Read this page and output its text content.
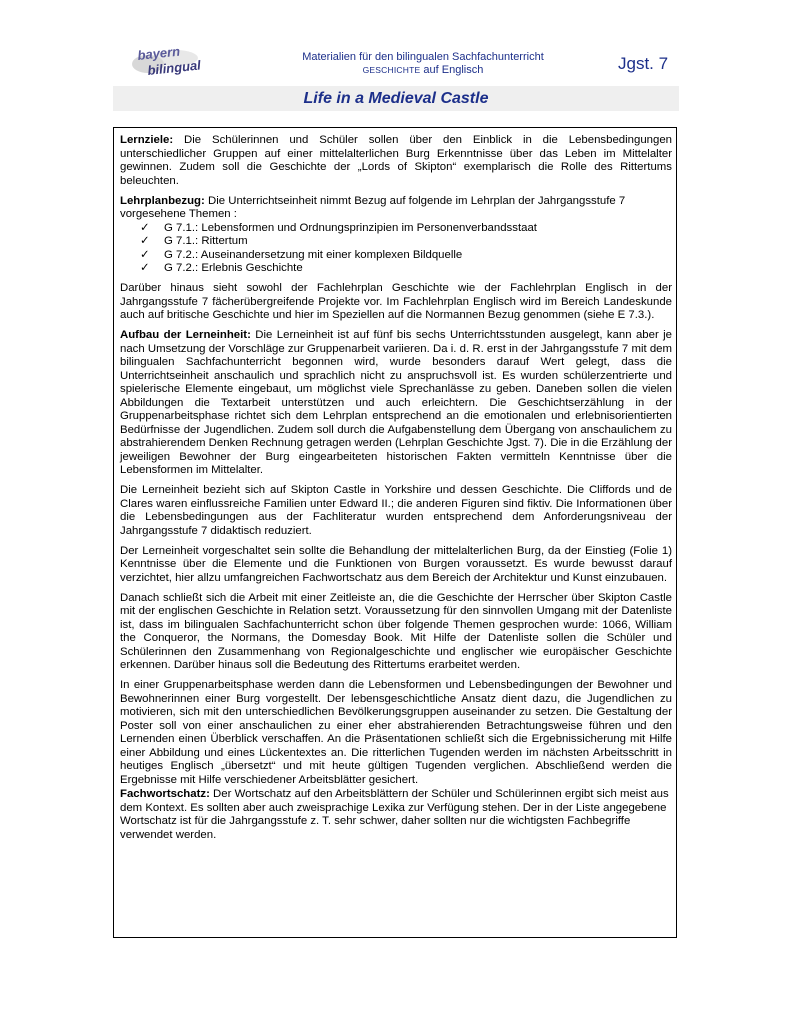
bayern
bilingual
Materialien für den bilingualen Sachfachunterricht
GESCHICHTE auf Englisch	Jgst. 7
Life in a Medieval Castle

Lernziele: Die Schülerinnen und Schüler sollen über den Einblick in die Lebensbedingungen unterschiedlicher Gruppen auf einer mittelalterlichen Burg Erkenntnisse über das Leben im Mittelalter gewinnen. Zudem soll die Geschichte der „Lords of Skipton“ exemplarisch die Rolle des Rittertums beleuchten.

Lehrplanbezug: Die Unterrichtseinheit nimmt Bezug auf folgende im Lehrplan der Jahrgangsstufe 7 vorgesehene Themen :

✓ G 7.1.: Lebensformen und Ordnungsprinzipien im Personenverbandsstaat
✓ G 7.1.: Rittertum
✓ G 7.2.: Auseinandersetzung mit einer komplexen Bildquelle
✓ G 7.2.: Erlebnis Geschichte

Darüber hinaus sieht sowohl der Fachlehrplan Geschichte wie der Fachlehrplan Englisch in der Jahrgangsstufe 7 fächerübergreifende Projekte vor. Im Fachlehrplan Englisch wird im Bereich Landeskunde auch auf britische Geschichte und hier im Speziellen auf die Normannen Bezug genommen (siehe E 7.3.).

Aufbau der Lerneinheit: Die Lerneinheit ist auf fünf bis sechs Unterrichtsstunden ausgelegt, kann aber je nach Umsetzung der Vorschläge zur Gruppenarbeit variieren. Da i. d. R. erst in der Jahrgangsstufe 7 mit dem bilingualen Sachfachunterricht begonnen wird, wurde besonders darauf Wert gelegt, dass die Unterrichtseinheit anschaulich und sprachlich nicht zu anspruchsvoll ist. Es wurden schülerzentrierte und spielerische Elemente eingebaut, um möglichst viele Sprechanlässe zu geben. Daneben sollen die vielen Abbildungen die Textarbeit unterstützen und auch erleichtern. Die Geschichtserzählung in der Gruppenarbeitsphase richtet sich dem Lehrplan entsprechend an die emotionalen und erlebnisorientierten Bedürfnisse der Jugendlichen. Zudem soll durch die Aufgabenstellung dem Übergang von anschaulichem zu abstrahierendem Denken Rechnung getragen werden (Lehrplan Geschichte Jgst. 7). Die in die Erzählung der jeweiligen Bewohner der Burg eingearbeiteten historischen Fakten vermitteln Kenntnisse über die Lebensformen im Mittelalter.

Die Lerneinheit bezieht sich auf Skipton Castle in Yorkshire und dessen Geschichte. Die Cliffords und de Clares waren einflussreiche Familien unter Edward II.; die anderen Figuren sind fiktiv. Die Informationen über die Lebensbedingungen aus der Fachliteratur wurden entsprechend dem Anforderungsniveau der Jahrgangsstufe 7 didaktisch reduziert.

Der Lerneinheit vorgeschaltet sein sollte die Behandlung der mittelalterlichen Burg, da der Einstieg (Folie 1) Kenntnisse über die Elemente und die Funktionen von Burgen voraussetzt. Es wurde bewusst darauf verzichtet, hier allzu umfangreichen Fachwortschatz aus dem Bereich der Architektur und Kunst einzubauen.

Danach schließt sich die Arbeit mit einer Zeitleiste an, die die Geschichte der Herrscher über Skipton Castle mit der englischen Geschichte in Relation setzt. Voraussetzung für den sinnvollen Umgang mit der Datenliste ist, dass im bilingualen Sachfachunterricht schon über folgende Themen gesprochen wurde: 1066, William the Conqueror, the Normans, the Domesday Book. Mit Hilfe der Datenliste sollen die Schüler und Schülerinnen den Zusammenhang von Regionalgeschichte und englischer wie europäischer Geschichte erkennen. Darüber hinaus soll die Bedeutung des Rittertums erarbeitet werden.

In einer Gruppenarbeitsphase werden dann die Lebensformen und Lebensbedingungen der Bewohner und Bewohnerinnen einer Burg vorgestellt. Der lebensgeschichtliche Ansatz dient dazu, die Jugendlichen zu motivieren, sich mit den unterschiedlichen Bevölkerungsgruppen auseinander zu setzen. Die Gestaltung der Poster soll von einer anschaulichen zu einer eher abstrahierenden Betrachtungsweise führen und den Lernenden einen Überblick verschaffen. An die Präsentationen schließt sich die Ergebnissicherung mit Hilfe einer Abbildung und eines Lückentextes an. Die ritterlichen Tugenden werden im nächsten Arbeitsschritt in heutiges Englisch „übersetzt“ und mit heute gültigen Tugenden verglichen. Abschließend werden die Ergebnisse mit Hilfe verschiedener Arbeitsblätter gesichert.

Fachwortschatz: Der Wortschatz auf den Arbeitsblättern der Schüler und Schülerinnen ergibt sich meist aus dem Kontext. Es sollten aber auch zweisprachige Lexika zur Verfügung stehen. Der in der Liste angegebene Wortschatz ist für die Jahrgangsstufe z. T. sehr schwer, daher sollten nur die wichtigsten Fachbegriffe verwendet werden.
